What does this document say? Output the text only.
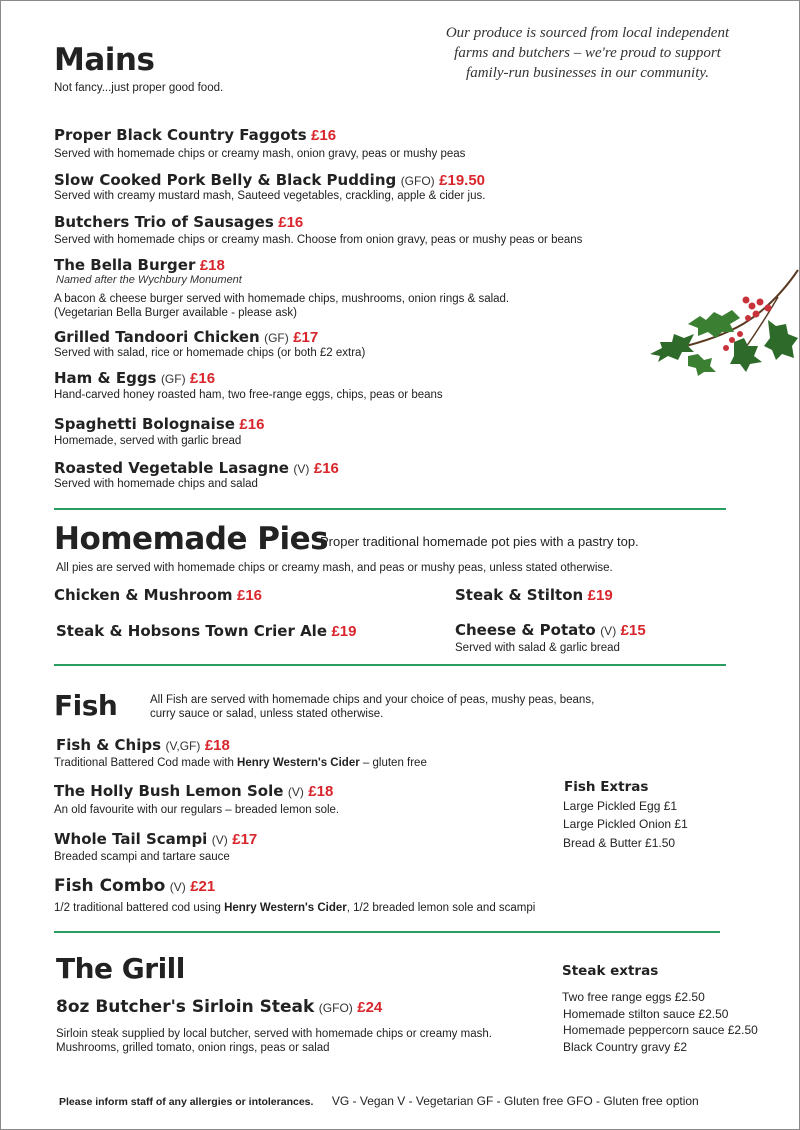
Our produce is sourced from local independent
farms and butchers – we're proud to support
family-run businesses in our community.
Mains
Not fancy...just proper good food.
Proper Black Country Faggots £16
Served with homemade chips or creamy mash, onion gravy, peas or mushy peas
Slow Cooked Pork Belly & Black Pudding (GFO) £19.50
Served with creamy mustard mash, Sauteed vegetables, crackling, apple & cider jus.
Butchers Trio of Sausages £16
Served with homemade chips or creamy mash. Choose from onion gravy, peas or mushy peas or beans
The Bella Burger £18
Named after the Wychbury Monument
A bacon & cheese burger served with homemade chips, mushrooms, onion rings & salad.
(Vegetarian Bella Burger available - please ask)
Grilled Tandoori Chicken (GF) £17
Served with salad, rice or homemade chips (or both £2 extra)
Ham & Eggs (GF) £16
Hand-carved honey roasted ham, two free-range eggs, chips, peas or beans
Spaghetti Bolognaise £16
Homemade, served with garlic bread
Roasted Vegetable Lasagne (V) £16
Served with homemade chips and salad
Homemade Pies
Proper traditional homemade pot pies with a pastry top.
All pies are served with homemade chips or creamy mash, and peas or mushy peas, unless stated otherwise.
Chicken & Mushroom £16	Steak & Stilton £19
Steak & Hobsons Town Crier Ale £19	Cheese & Potato (V) £15
Served with salad & garlic bread
Fish	All Fish are served with homemade chips and your choice of peas, mushy peas, beans,
curry sauce or salad, unless stated otherwise.
Fish & Chips (V,GF) £18
Traditional Battered Cod made with Henry Western's Cider – gluten free
The Holly Bush Lemon Sole (V) £18
An old favourite with our regulars – breaded lemon sole.
Whole Tail Scampi (V) £17
Breaded scampi and tartare sauce
Fish Combo (V) £21
1/2 traditional battered cod using Henry Western's Cider, 1/2 breaded lemon sole and scampi
Fish Extras
Large Pickled Egg £1
Large Pickled Onion £1
Bread & Butter £1.50
The Grill
8oz Butcher's Sirloin Steak (GFO) £24
Sirloin steak supplied by local butcher, served with homemade chips or creamy mash.
Mushrooms, grilled tomato, onion rings, peas or salad
Steak extras
Two free range eggs £2.50
Homemade stilton sauce £2.50
Homemade peppercorn sauce £2.50
Black Country gravy £2
Please inform staff of any allergies or intolerances. VG - Vegan V - Vegetarian GF - Gluten free GFO - Gluten free option
